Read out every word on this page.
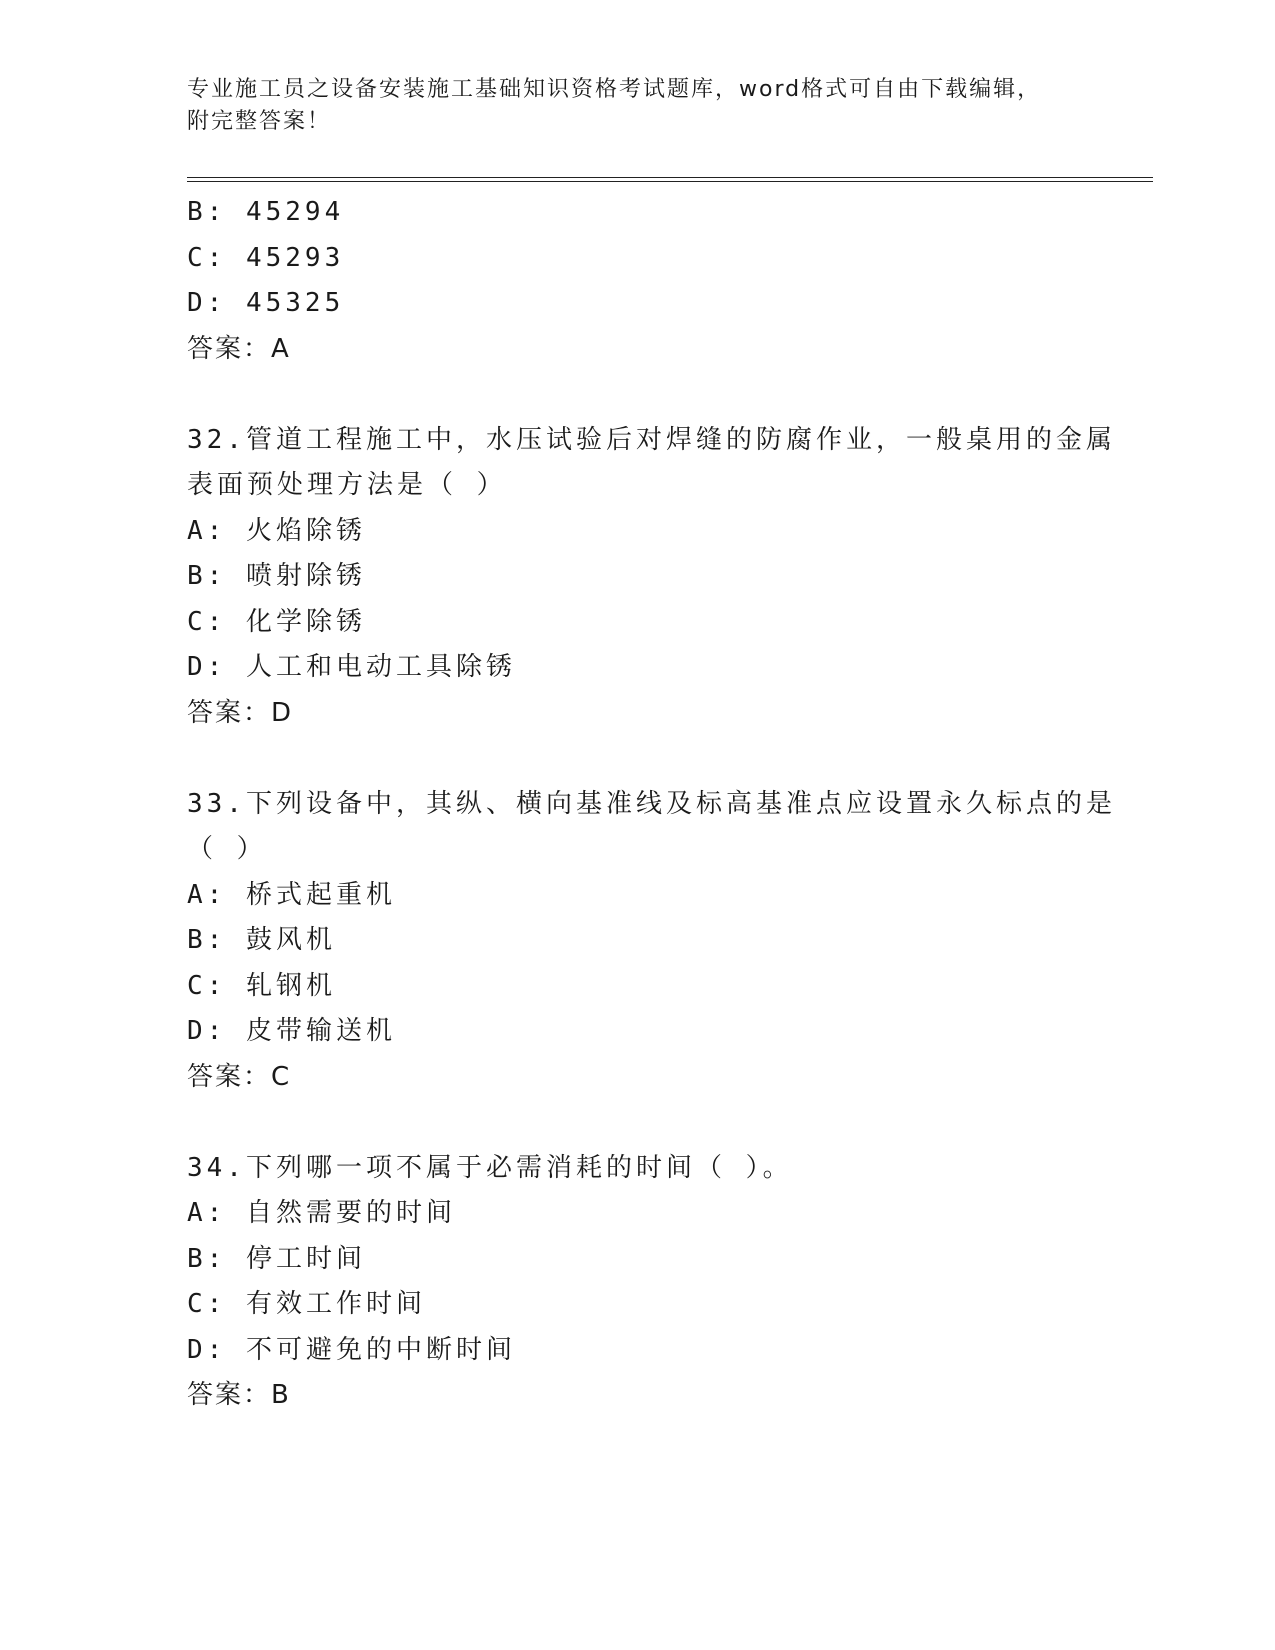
专业施工员之设备安装施工基础知识资格考试题库，word格式可自由下载编辑，
附完整答案！
B: 45294
C: 45293
D: 45325
答案：A
32.管道工程施工中，水压试验后对焊缝的防腐作业，一般桌用的金属
表面预处理方法是（ ）
A: 火焰除锈
B: 喷射除锈
C: 化学除锈
D: 人工和电动工具除锈
答案：D
33.下列设备中，其纵、横向基准线及标高基准点应设置永久标点的是
（ ）
A: 桥式起重机
B: 鼓风机
C: 轧钢机
D: 皮带输送机
答案：C
34.下列哪一项不属于必需消耗的时间（ ）。
A: 自然需要的时间
B: 停工时间
C: 有效工作时间
D: 不可避免的中断时间
答案：B
